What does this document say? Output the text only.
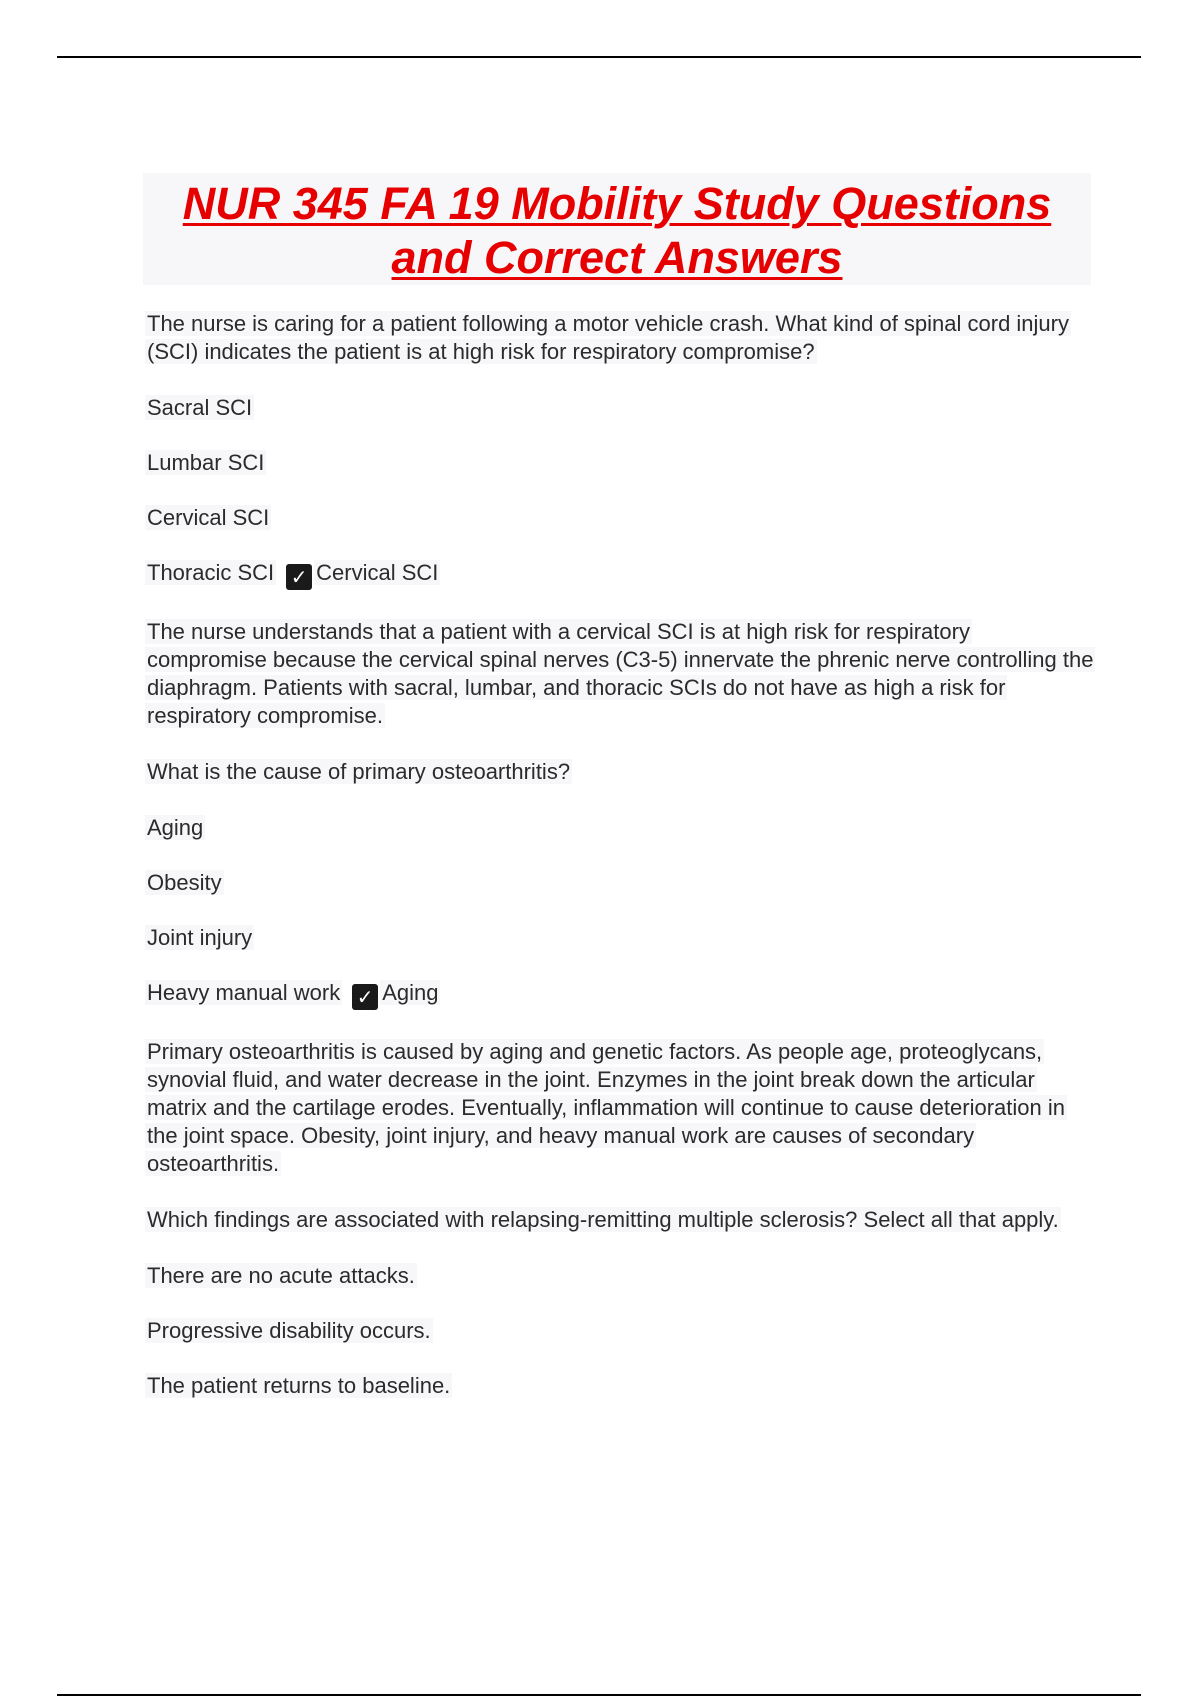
NUR 345 FA 19 Mobility Study Questions and Correct Answers
The nurse is caring for a patient following a motor vehicle crash. What kind of spinal cord injury (SCI) indicates the patient is at high risk for respiratory compromise?
Sacral SCI
Lumbar SCI
Cervical SCI
Thoracic SCI ✓ Cervical SCI
The nurse understands that a patient with a cervical SCI is at high risk for respiratory compromise because the cervical spinal nerves (C3-5) innervate the phrenic nerve controlling the diaphragm. Patients with sacral, lumbar, and thoracic SCIs do not have as high a risk for respiratory compromise.
What is the cause of primary osteoarthritis?
Aging
Obesity
Joint injury
Heavy manual work ✓ Aging
Primary osteoarthritis is caused by aging and genetic factors. As people age, proteoglycans, synovial fluid, and water decrease in the joint. Enzymes in the joint break down the articular matrix and the cartilage erodes. Eventually, inflammation will continue to cause deterioration in the joint space. Obesity, joint injury, and heavy manual work are causes of secondary osteoarthritis.
Which findings are associated with relapsing-remitting multiple sclerosis? Select all that apply.
There are no acute attacks.
Progressive disability occurs.
The patient returns to baseline.
